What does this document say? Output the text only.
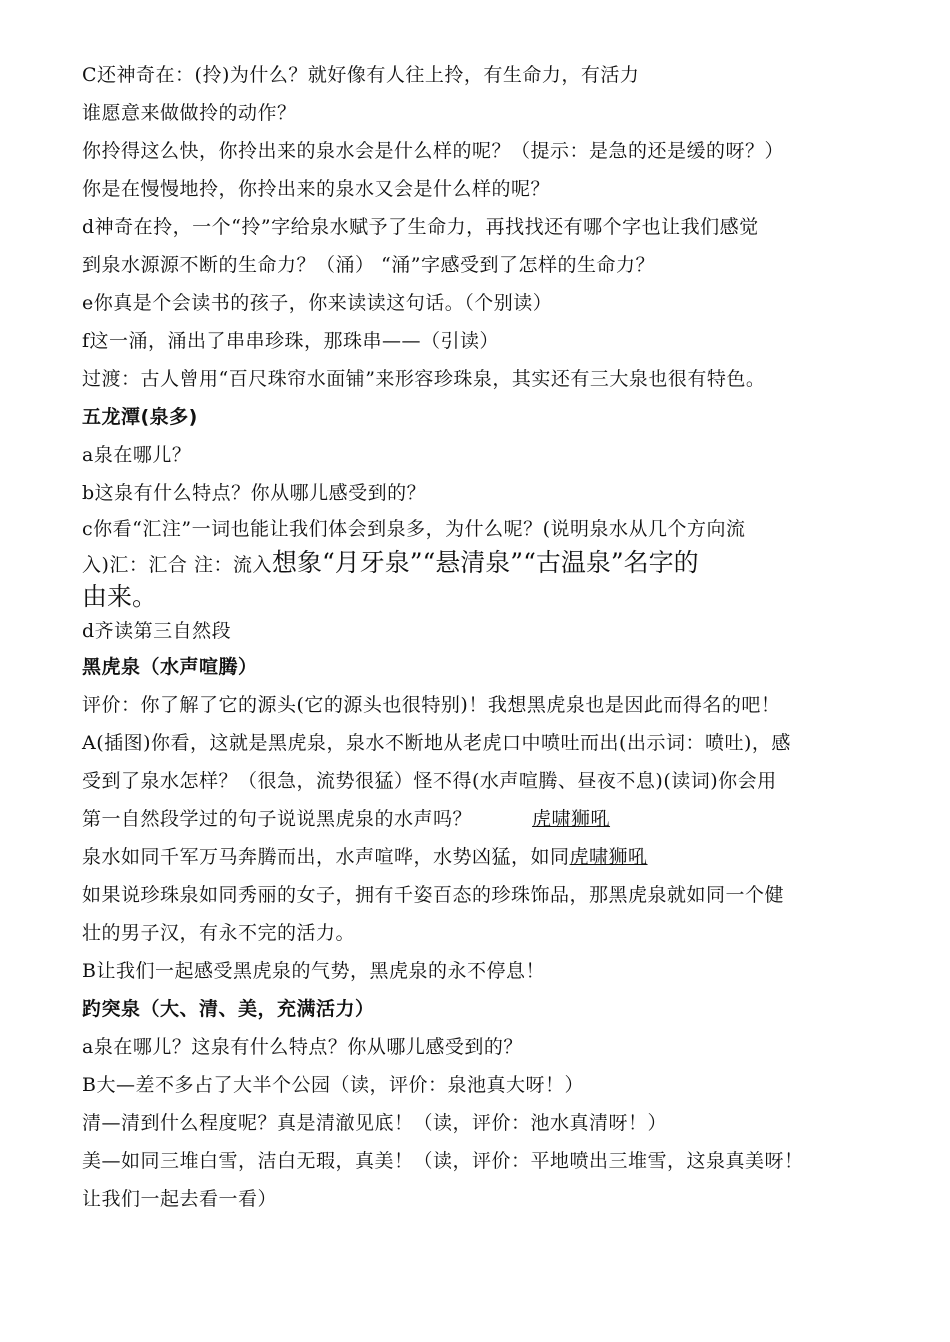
C还神奇在：(拎)为什么？就好像有人往上拎，有生命力，有活力
谁愿意来做做拎的动作？
你拎得这么快，你拎出来的泉水会是什么样的呢？（提示：是急的还是缓的呀？）
你是在慢慢地拎，你拎出来的泉水又会是什么样的呢？
d神奇在拎，一个“拎”字给泉水赋予了生命力，再找找还有哪个字也让我们感觉
到泉水源源不断的生命力？（涌） “涌”字感受到了怎样的生命力？
e你真是个会读书的孩子，你来读读这句话。（个别读）
f这一涌，涌出了串串珍珠，那珠串——（引读）
过渡：古人曾用“百尺珠帘水面铺”来形容珍珠泉，其实还有三大泉也很有特色。
五龙潭(泉多)
a泉在哪儿？
b这泉有什么特点？你从哪儿感受到的？
c你看“汇注”一词也能让我们体会到泉多，为什么呢？(说明泉水从几个方向流
入)汇：汇合 注：流入想象“月牙泉”“悬清泉”“古温泉”名字的
由来。
d齐读第三自然段
黑虎泉（水声喧腾）
评价：你了解了它的源头(它的源头也很特别)！我想黑虎泉也是因此而得名的吧！
A(插图)你看，这就是黑虎泉，泉水不断地从老虎口中喷吐而出(出示词：喷吐)，感
受到了泉水怎样？（很急，流势很猛）怪不得(水声喧腾、昼夜不息)(读词)你会用
第一自然段学过的句子说说黑虎泉的水声吗？	虎啸狮吼
泉水如同千军万马奔腾而出，水声喧哗，水势凶猛，如同虎啸狮吼
如果说珍珠泉如同秀丽的女子，拥有千姿百态的珍珠饰品，那黑虎泉就如同一个健
壮的男子汉，有永不完的活力。
B让我们一起感受黑虎泉的气势，黑虎泉的永不停息！
趵突泉（大、清、美，充满活力）
a泉在哪儿？这泉有什么特点？你从哪儿感受到的？
B大—差不多占了大半个公园（读，评价：泉池真大呀！）
清—清到什么程度呢？真是清澈见底！（读，评价：池水真清呀！）
美—如同三堆白雪，洁白无瑕，真美！（读，评价：平地喷出三堆雪，这泉真美呀！
让我们一起去看一看）
